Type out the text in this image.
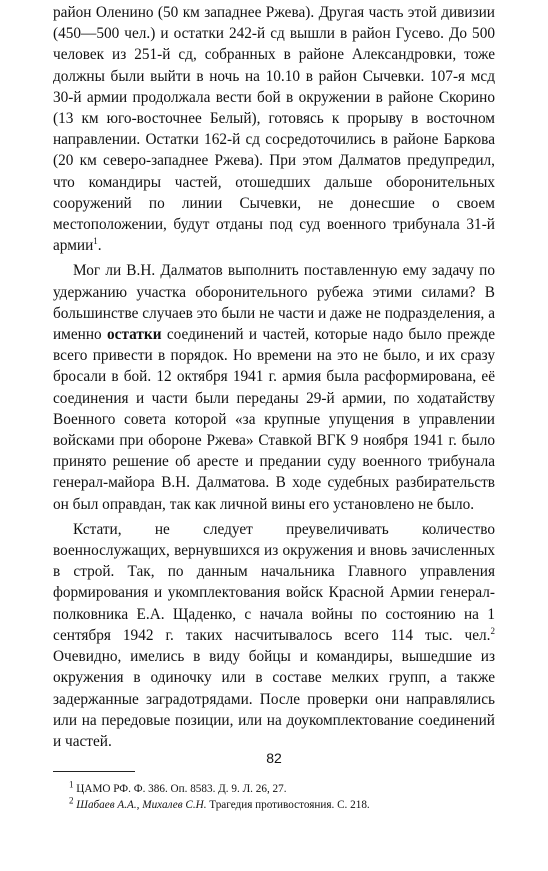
район Оленино (50 км западнее Ржева). Другая часть этой дивизии (450—500 чел.) и остатки 242-й сд вышли в район Гусево. До 500 человек из 251-й сд, собранных в районе Александровки, тоже должны были выйти в ночь на 10.10 в район Сычевки. 107-я мсд 30-й армии продолжала вести бой в окружении в районе Скорино (13 км юго-восточнее Белый), готовясь к прорыву в восточном направлении. Остатки 162-й сд сосредоточились в районе Баркова (20 км северо-западнее Ржева). При этом Далматов предупредил, что командиры частей, отошедших дальше оборонительных сооружений по линии Сычевки, не донесшие о своем местоположении, будут отданы под суд военного трибунала 31-й армии$^1$.

Мог ли В.Н. Далматов выполнить поставленную ему задачу по удержанию участка оборонительного рубежа этими силами? В большинстве случаев это были не части и даже не подразделения, а именно остатки соединений и частей, которые надо было прежде всего привести в порядок. Но времени на это не было, и их сразу бросали в бой. 12 октября 1941 г. армия была расформирована, её соединения и части были переданы 29-й армии, по ходатайству Военного совета которой «за крупные упущения в управлении войсками при обороне Ржева» Ставкой ВГК 9 ноября 1941 г. было принято решение об аресте и предании суду военного трибунала генерал-майора В.Н. Далматова. В ходе судебных разбирательств он был оправдан, так как личной вины его установлено не было.

Кстати, не следует преувеличивать количество военнослужащих, вернувшихся из окружения и вновь зачисленных в строй. Так, по данным начальника Главного управления формирования и укомплектования войск Красной Армии генерал-полковника Е.А. Щаденко, с начала войны по состоянию на 1 сентября 1942 г. таких насчитывалось всего 114 тыс. чел.$^2$ Очевидно, имелись в виду бойцы и командиры, вышедшие из окружения в одиночку или в составе мелких групп, а также задержанные заградотрядами. После проверки они направлялись или на передовые позиции, или на доукомплектование соединений и частей.

$^1$ ЦАМО РФ. Ф. 386. Оп. 8583. Д. 9. Л. 26, 27.

$^2$ Шабаев А.А., Михалев С.Н. Трагедия противостояния. С. 218.

82
